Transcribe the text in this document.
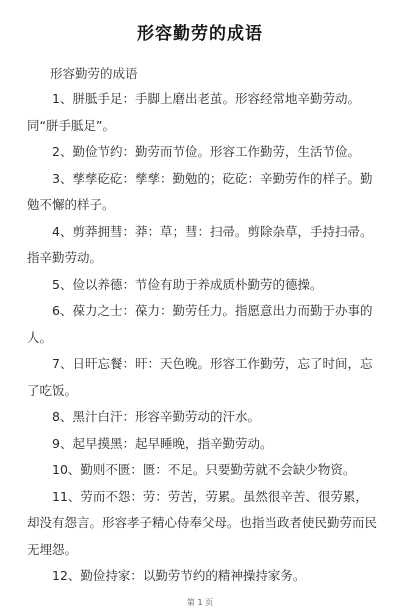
形容勤劳的成语
形容勤劳的成语

1、胼胝手足：手脚上磨出老茧。形容经常地辛勤劳动。同“胼手胝足”。

2、勤俭节约：勤劳而节俭。形容工作勤劳，生活节俭。

3、孳孳矻矻：孳孳：勤勉的；矻矻：辛勤劳作的样子。勤勉不懈的样子。

4、剪莽拥彗：莽：草；彗：扫帚。剪除杂草，手持扫帚。指辛勤劳动。

5、俭以养德：节俭有助于养成质朴勤劳的德操。

6、葆力之士：葆力：勤劳任力。指愿意出力而勤于办事的人。

7、日旰忘餐：旰：天色晚。形容工作勤劳，忘了时间，忘了吃饭。

8、黑汁白汗：形容辛勤劳动的汗水。

9、起早摸黑：起早睡晚，指辛勤劳动。

10、勤则不匮：匮：不足。只要勤劳就不会缺少物资。

11、劳而不怨：劳：劳苦，劳累。虽然很辛苦、很劳累，却没有怨言。形容孝子精心侍奉父母。也指当政者使民勤劳而民无埋怨。

12、勤俭持家：以勤劳节约的精神操持家务。

第 1 页
